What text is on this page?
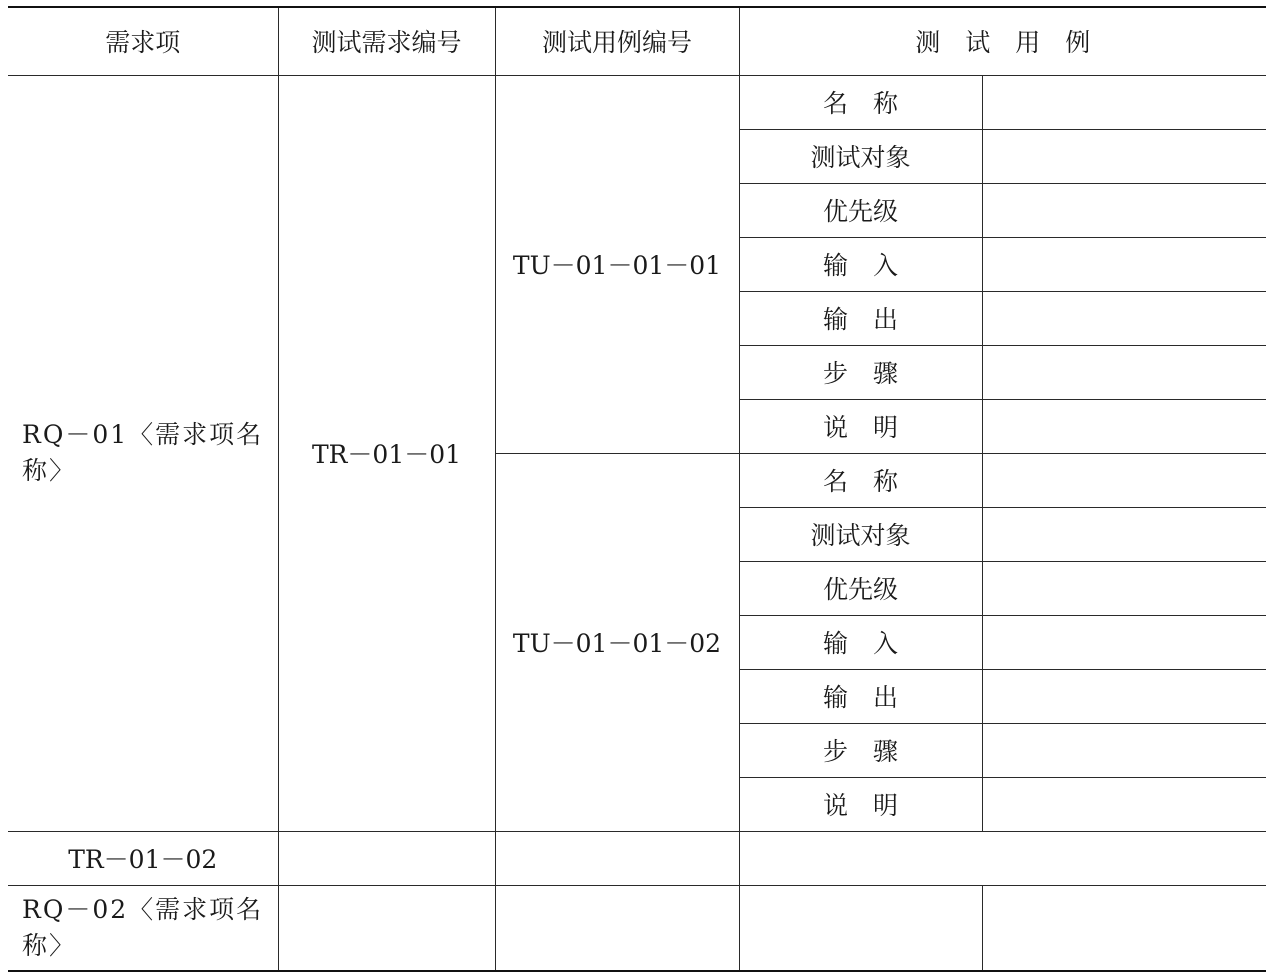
需求项	测试需求编号	测试用例编号	测　试　用　例	
RQ－01〈需求项名称〉	TR－01－01	TU－01－01－01	名　称	
			测试对象	
			优先级	
			输　入	
			输　出	
			步　骤	
			说　明	
		TU－01－01－02	名　称	
			测试对象	
			优先级	
			输　入	
			输　出	
			步　骤	
			说　明	
TR－01－02				
RQ－02〈需求项名称〉				
